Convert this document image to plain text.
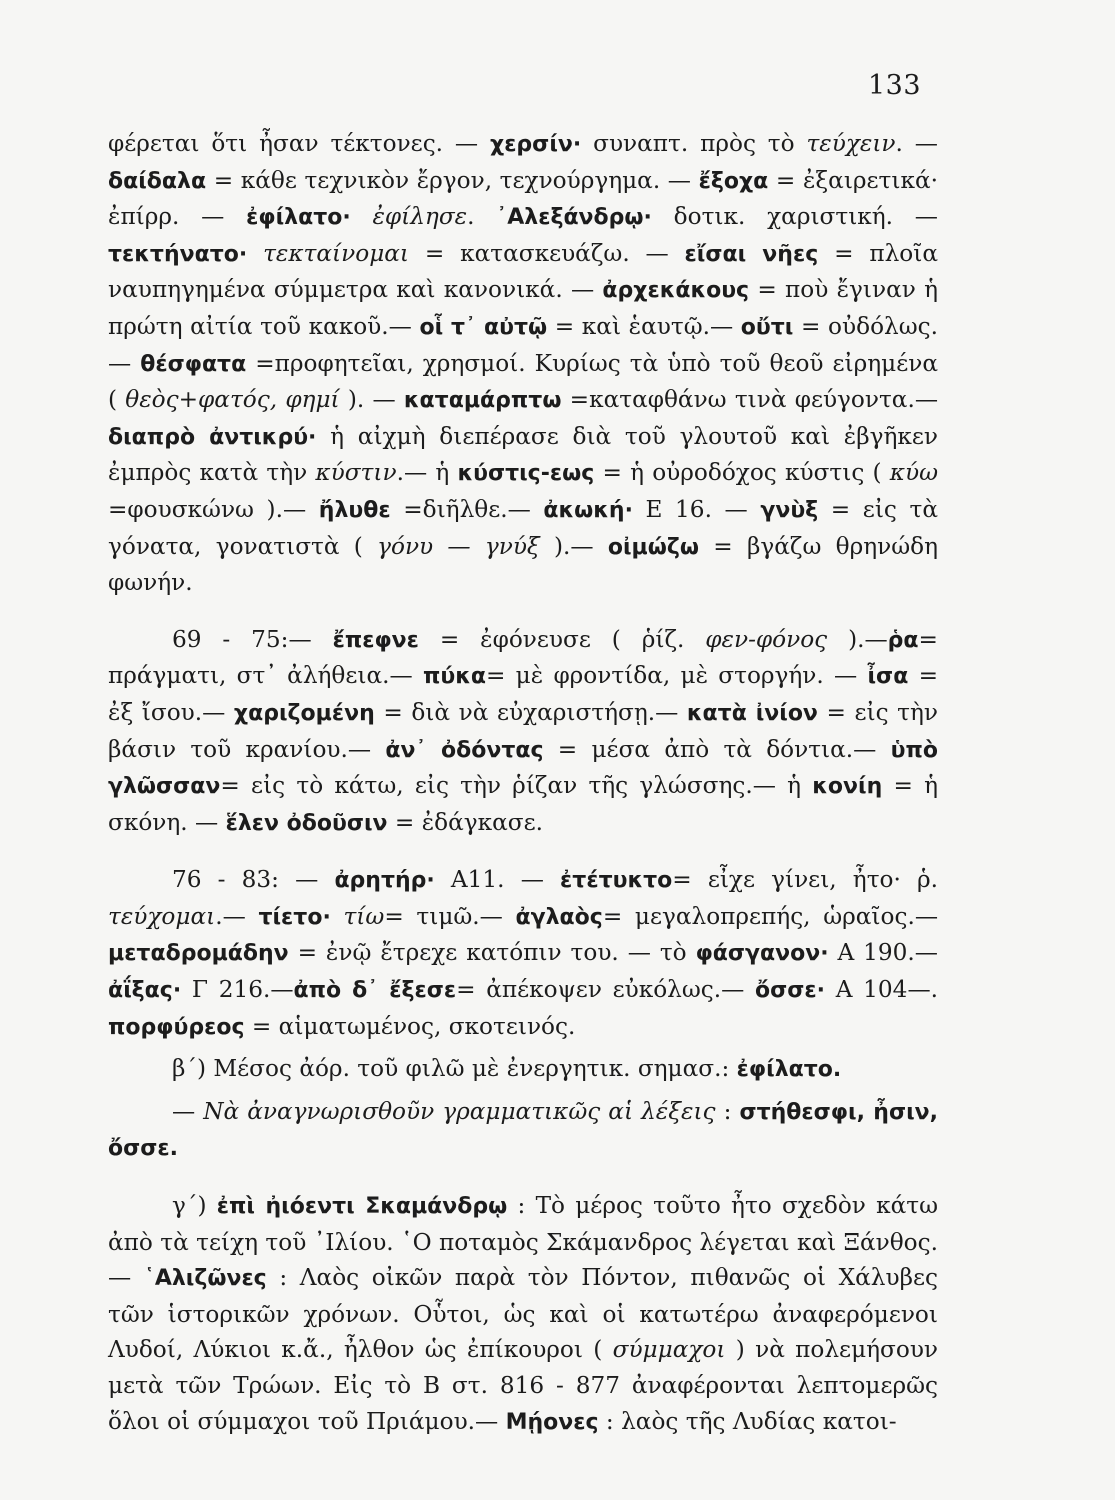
133

φέρεται ὅτι ἦσαν τέκτονες. — χερσίν· συναπτ. πρὸς τὸ τεύχειν. — δαίδαλα = κάθε τεχνικὸν ἔργον, τεχνούργημα. — ἔξοχα = ἐξαιρετικά· ἐπίρρ. — ἐφίλατο· ἐφίλησε. ᾿Αλεξάνδρῳ· δοτικ. χαριστική. — τεκτήνατο· τεκταίνομαι = κατασκευάζω. — εἴσαι νῆες = πλοῖα ναυπηγημένα σύμμετρα καὶ κανονικά. — ἀρχεκάκους = ποὺ ἔγιναν ἡ πρώτη αἰτία τοῦ κακοῦ.— οἷ τ᾿ αὐτῷ = καὶ ἑαυτῷ.— οὔτι = οὐδόλως.— θέσφατα =προφητεῖαι, χρησμοί. Κυρίως τὰ ὑπὸ τοῦ θεοῦ εἰρημένα ( θεὸς+φατός, φημί ). — καταμάρπτω =καταφθάνω τινὰ φεύγοντα.— διαπρὸ ἀντικρύ· ἡ αἰχμὴ διεπέρασε διὰ τοῦ γλουτοῦ καὶ ἐβγῆκεν ἐμπρὸς κατὰ τὴν κύστιν.— ἡ κύστις-εως = ἡ οὐροδόχος κύστις ( κύω =φουσκώνω ).— ἤλυθε =διῆλθε.— ἀκωκή· Ε 16. — γνὺξ = εἰς τὰ γόνατα, γονατιστὰ ( γόνυ — γνύξ ).— οἰμώζω = βγάζω θρηνώδη φωνήν.

69 - 75:— ἔπεφνε = ἐφόνευσε ( ῥίζ. φεν-φόνος ).—ῥα= πράγματι, στ᾿ ἀλήθεια.— πύκα= μὲ φροντίδα, μὲ στοργήν. — ἶσα = ἐξ ἴσου.— χαριζομένη = διὰ νὰ εὐχαριστήσῃ.— κατὰ ἰνίον = εἰς τὴν βάσιν τοῦ κρανίου.— ἀν᾿ ὀδόντας = μέσα ἀπὸ τὰ δόντια.— ὑπὸ γλῶσσαν= εἰς τὸ κάτω, εἰς τὴν ῥίζαν τῆς γλώσσης.— ἡ κονίη = ἡ σκόνη. — ἕλεν ὀδοῦσιν = ἐδάγκασε.

76 - 83: — ἀρητήρ· Α11. — ἐτέτυκτο= εἶχε γίνει, ἦτο· ῥ. τεύχομαι.— τίετο· τίω= τιμῶ.— ἀγλαὸς= μεγαλοπρεπής, ὡραῖος.— μεταδρομάδην = ἐνῷ ἔτρεχε κατόπιν του. — τὸ φάσγανον· Α 190.— ἀΐξας· Γ 216.—ἀπὸ δ᾿ ἔξεσε= ἀπέκοψεν εὐκόλως.— ὄσσε· Α 104—. πορφύρεος = αἱματωμένος, σκοτεινός.

β΄) Μέσος ἀόρ. τοῦ φιλῶ μὲ ἐνεργητικ. σημασ.: ἐφίλατο.

— Νὰ ἀναγνωρισθοῦν γραμματικῶς αἱ λέξεις : στήθεσφι, ἦσιν, ὄσσε.

γ΄) ἐπὶ ἠιόεντι Σκαμάνδρῳ : Τὸ μέρος τοῦτο ἦτο σχεδὸν κάτω ἀπὸ τὰ τείχη τοῦ ᾿Ιλίου. ῾Ο ποταμὸς Σκάμανδρος λέγεται καὶ Ξάνθος.— ῾Αλιζῶνες : Λαὸς οἰκῶν παρὰ τὸν Πόντον, πιθανῶς οἱ Χάλυβες τῶν ἱστορικῶν χρόνων. Οὗτοι, ὡς καὶ οἱ κατωτέρω ἀναφερόμενοι Λυδοί, Λύκιοι κ.ἄ., ἦλθον ὡς ἐπίκουροι ( σύμμαχοι ) νὰ πολεμήσουν μετὰ τῶν Τρώων. Εἰς τὸ Β στ. 816 - 877 ἀναφέρονται λεπτομερῶς ὅλοι οἱ σύμμαχοι τοῦ Πριάμου.— Μῄονες : λαὸς τῆς Λυδίας κατοι-
